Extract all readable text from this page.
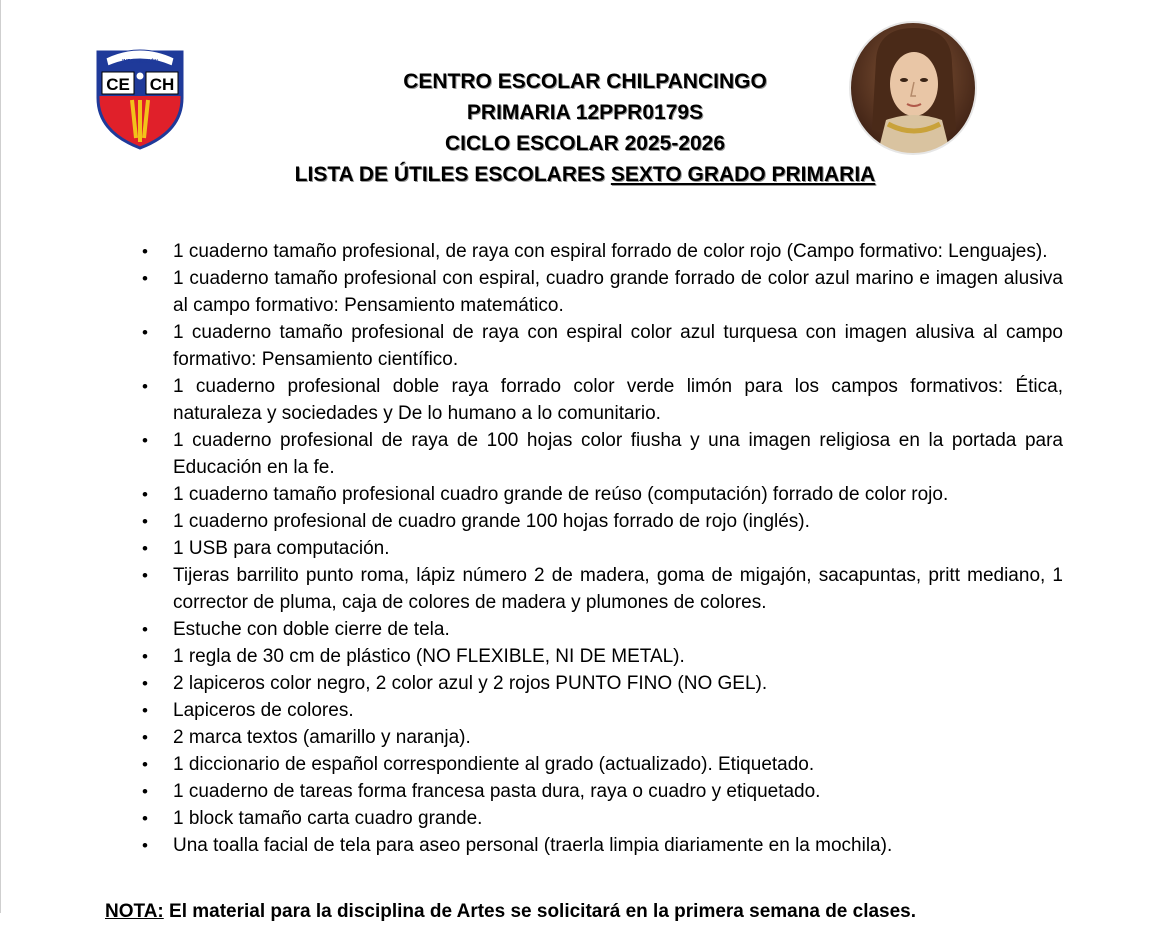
INFORMACIÓN
CE CH	CENTRO ESCOLAR CHILPANCINGO
PRIMARIA 12PPR0179S
CICLO ESCOLAR 2025-2026
LISTA DE ÚTILES ESCOLARES SEXTO GRADO PRIMARIA
• 1 cuaderno tamaño profesional, de raya con espiral forrado de color rojo (Campo formativo: Lenguajes).
• 1 cuaderno tamaño profesional con espiral, cuadro grande forrado de color azul marino e imagen alusiva al campo formativo: Pensamiento matemático.
• 1 cuaderno tamaño profesional de raya con espiral color azul turquesa con imagen alusiva al campo formativo: Pensamiento científico.
• 1 cuaderno profesional doble raya forrado color verde limón para los campos formativos: Ética, naturaleza y sociedades y De lo humano a lo comunitario.
• 1 cuaderno profesional de raya de 100 hojas color fiusha y una imagen religiosa en la portada para Educación en la fe.
• 1 cuaderno tamaño profesional cuadro grande de reúso (computación) forrado de color rojo.
• 1 cuaderno profesional de cuadro grande 100 hojas forrado de rojo (inglés).
• 1 USB para computación.
• Tijeras barrilito punto roma, lápiz número 2 de madera, goma de migajón, sacapuntas, pritt mediano, 1 corrector de pluma, caja de colores de madera y plumones de colores.
• Estuche con doble cierre de tela.
• 1 regla de 30 cm de plástico (NO FLEXIBLE, NI DE METAL).
• 2 lapiceros color negro, 2 color azul y 2 rojos PUNTO FINO (NO GEL).
• Lapiceros de colores.
• 2 marca textos (amarillo y naranja).
• 1 diccionario de español correspondiente al grado (actualizado). Etiquetado.
• 1 cuaderno de tareas forma francesa pasta dura, raya o cuadro y etiquetado.
• 1 block tamaño carta cuadro grande.
• Una toalla facial de tela para aseo personal (traerla limpia diariamente en la mochila).
NOTA: El material para la disciplina de Artes se solicitará en la primera semana de clases.
